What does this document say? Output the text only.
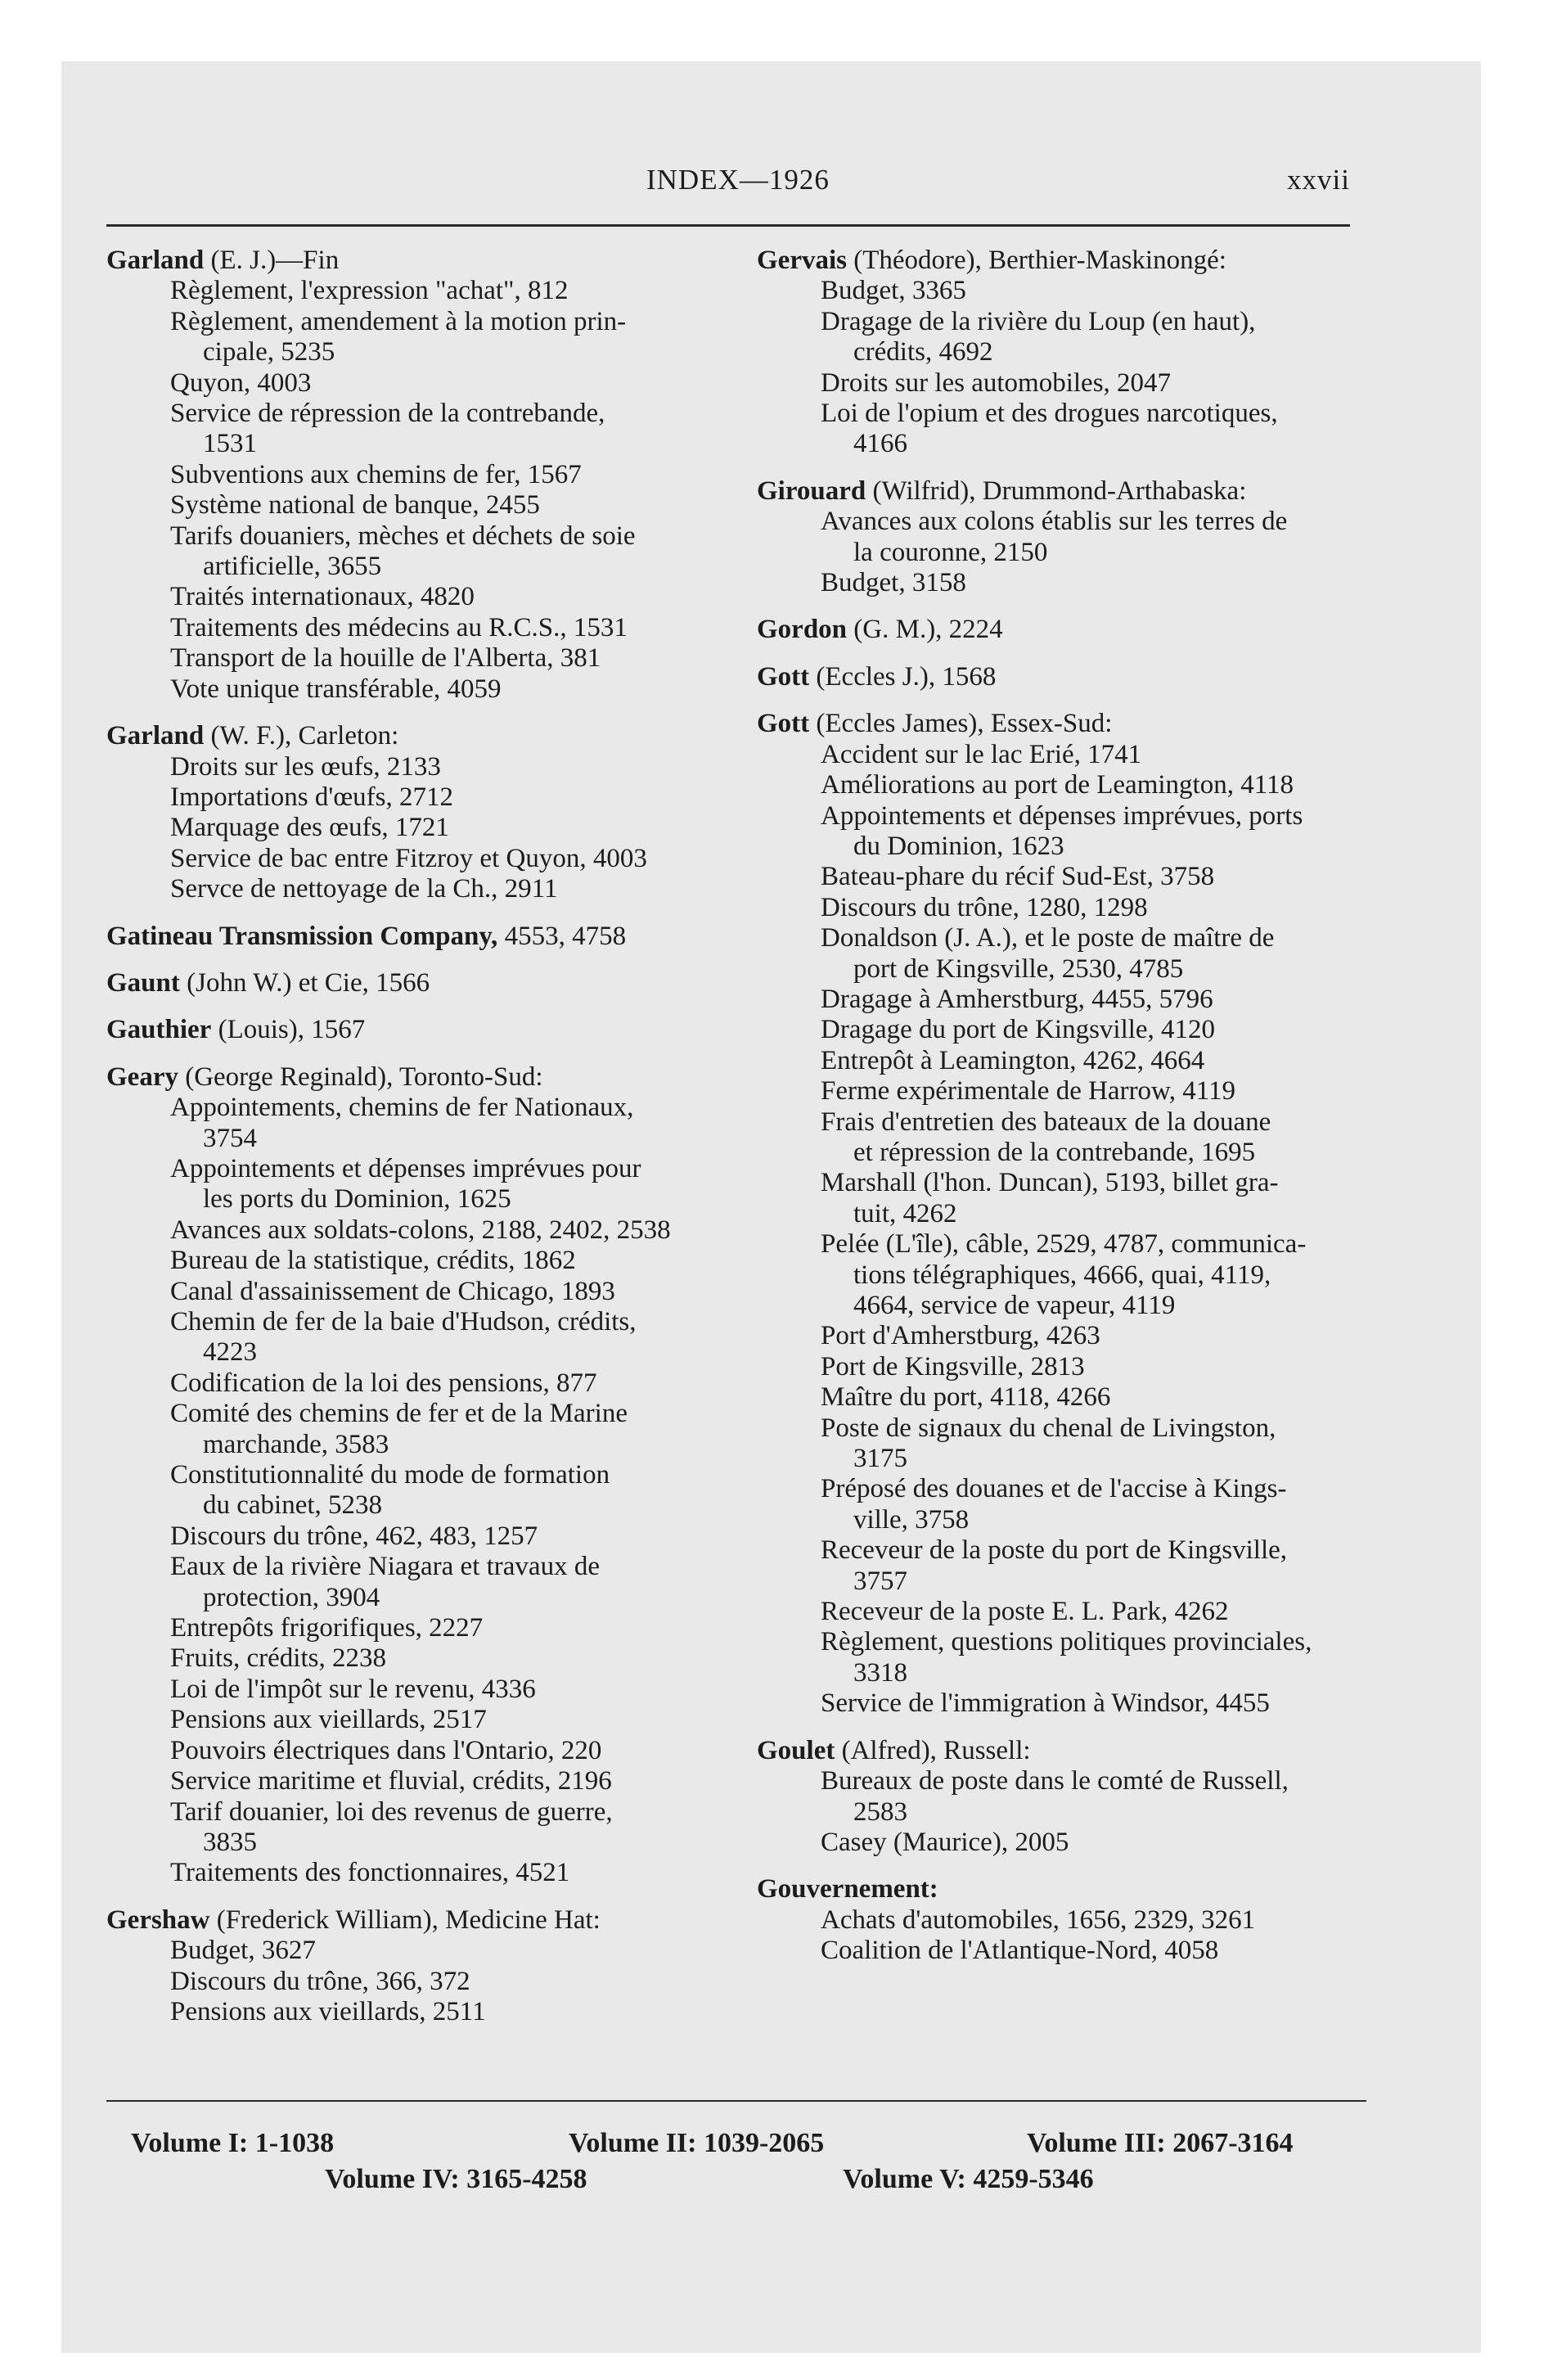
INDEX—1926	xxvii
Garland (E. J.)—Fin
Règlement, l'expression "achat", 812
Règlement, amendement à la motion prin-

cipale, 5235
Quyon, 4003
Service de répression de la contrebande,

1531
Subventions aux chemins de fer, 1567
Système national de banque, 2455
Tarifs douaniers, mèches et déchets de soie

artificielle, 3655
Traités internationaux, 4820
Traitements des médecins au R.C.S., 1531
Transport de la houille de l'Alberta, 381
Vote unique transférable, 4059
Garland (W. F.), Carleton:
Droits sur les œufs, 2133
Importations d'œufs, 2712
Marquage des œufs, 1721
Service de bac entre Fitzroy et Quyon, 4003
Servce de nettoyage de la Ch., 2911
Gatineau Transmission Company, 4553, 4758
Gaunt (John W.) et Cie, 1566
Gauthier (Louis), 1567
Geary (George Reginald), Toronto-Sud:
Appointements, chemins de fer Nationaux,

3754
Appointements et dépenses imprévues pour

les ports du Dominion, 1625
Avances aux soldats-colons, 2188, 2402, 2538
Bureau de la statistique, crédits, 1862
Canal d'assainissement de Chicago, 1893
Chemin de fer de la baie d'Hudson, crédits,

4223
Codification de la loi des pensions, 877
Comité des chemins de fer et de la Marine

marchande, 3583
Constitutionnalité du mode de formation

du cabinet, 5238
Discours du trône, 462, 483, 1257
Eaux de la rivière Niagara et travaux de

protection, 3904
Entrepôts frigorifiques, 2227
Fruits, crédits, 2238
Loi de l'impôt sur le revenu, 4336
Pensions aux vieillards, 2517
Pouvoirs électriques dans l'Ontario, 220
Service maritime et fluvial, crédits, 2196
Tarif douanier, loi des revenus de guerre,

3835
Traitements des fonctionnaires, 4521
Gershaw (Frederick William), Medicine Hat:
Budget, 3627
Discours du trône, 366, 372
Pensions aux vieillards, 2511
Gervais (Théodore), Berthier-Maskinongé:
Budget, 3365
Dragage de la rivière du Loup (en haut),

crédits, 4692
Droits sur les automobiles, 2047
Loi de l'opium et des drogues narcotiques,

4166
Girouard (Wilfrid), Drummond-Arthabaska:
Avances aux colons établis sur les terres de

la couronne, 2150
Budget, 3158
Gordon (G. M.), 2224
Gott (Eccles J.), 1568
Gott (Eccles James), Essex-Sud:
Accident sur le lac Erié, 1741
Améliorations au port de Leamington, 4118
Appointements et dépenses imprévues, ports

du Dominion, 1623
Bateau-phare du récif Sud-Est, 3758
Discours du trône, 1280, 1298
Donaldson (J. A.), et le poste de maître de

port de Kingsville, 2530, 4785
Dragage à Amherstburg, 4455, 5796
Dragage du port de Kingsville, 4120
Entrepôt à Leamington, 4262, 4664
Ferme expérimentale de Harrow, 4119
Frais d'entretien des bateaux de la douane

et répression de la contrebande, 1695
Marshall (l'hon. Duncan), 5193, billet gra-

tuit, 4262
Pelée (L'île), câble, 2529, 4787, communica-

tions télégraphiques, 4666, quai, 4119,
4664, service de vapeur, 4119
Port d'Amherstburg, 4263
Port de Kingsville, 2813
Maître du port, 4118, 4266
Poste de signaux du chenal de Livingston,

3175
Préposé des douanes et de l'accise à Kings-

ville, 3758
Receveur de la poste du port de Kingsville,

3757
Receveur de la poste E. L. Park, 4262
Règlement, questions politiques provinciales,

3318
Service de l'immigration à Windsor, 4455
Goulet (Alfred), Russell:
Bureaux de poste dans le comté de Russell,

2583
Casey (Maurice), 2005
Gouvernement:
Achats d'automobiles, 1656, 2329, 3261
Coalition de l'Atlantique-Nord, 4058
Volume I: 1-1038	Volume II: 1039-2065	Volume III: 2067-3164
Volume IV: 3165-4258	Volume V: 4259-5346
